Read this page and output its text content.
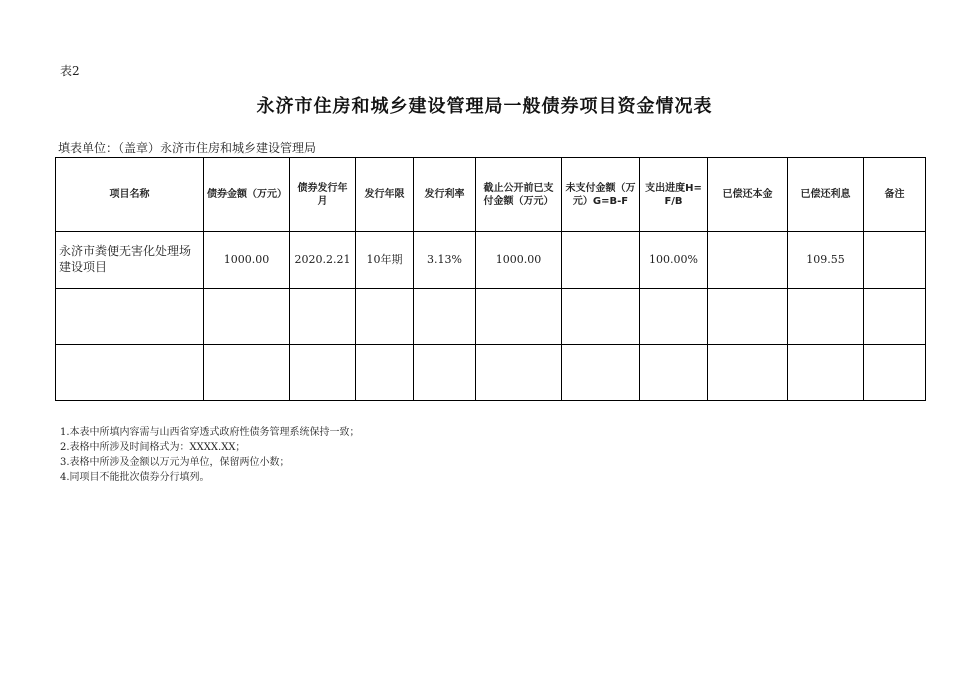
表2
永济市住房和城乡建设管理局一般债券项目资金情况表
填表单位：（盖章）永济市住房和城乡建设管理局
项目名称	债券金额（万元）	债券发行年月	发行年限	发行利率	截止公开前已支付金额（万元）	未支付金额（万元）G=B-F	支出进度H=F/B	已偿还本金	已偿还利息	备注
永济市粪便无害化处理场建设项目	1000.00	2020.2.21	10年期	3.13%	1000.00		100.00%		109.55	

1.本表中所填内容需与山西省穿透式政府性债务管理系统保持一致；
2.表格中所涉及时间格式为：XXXX.XX；
3.表格中所涉及金额以万元为单位，保留两位小数；
4.同项目不能批次债券分行填列。
